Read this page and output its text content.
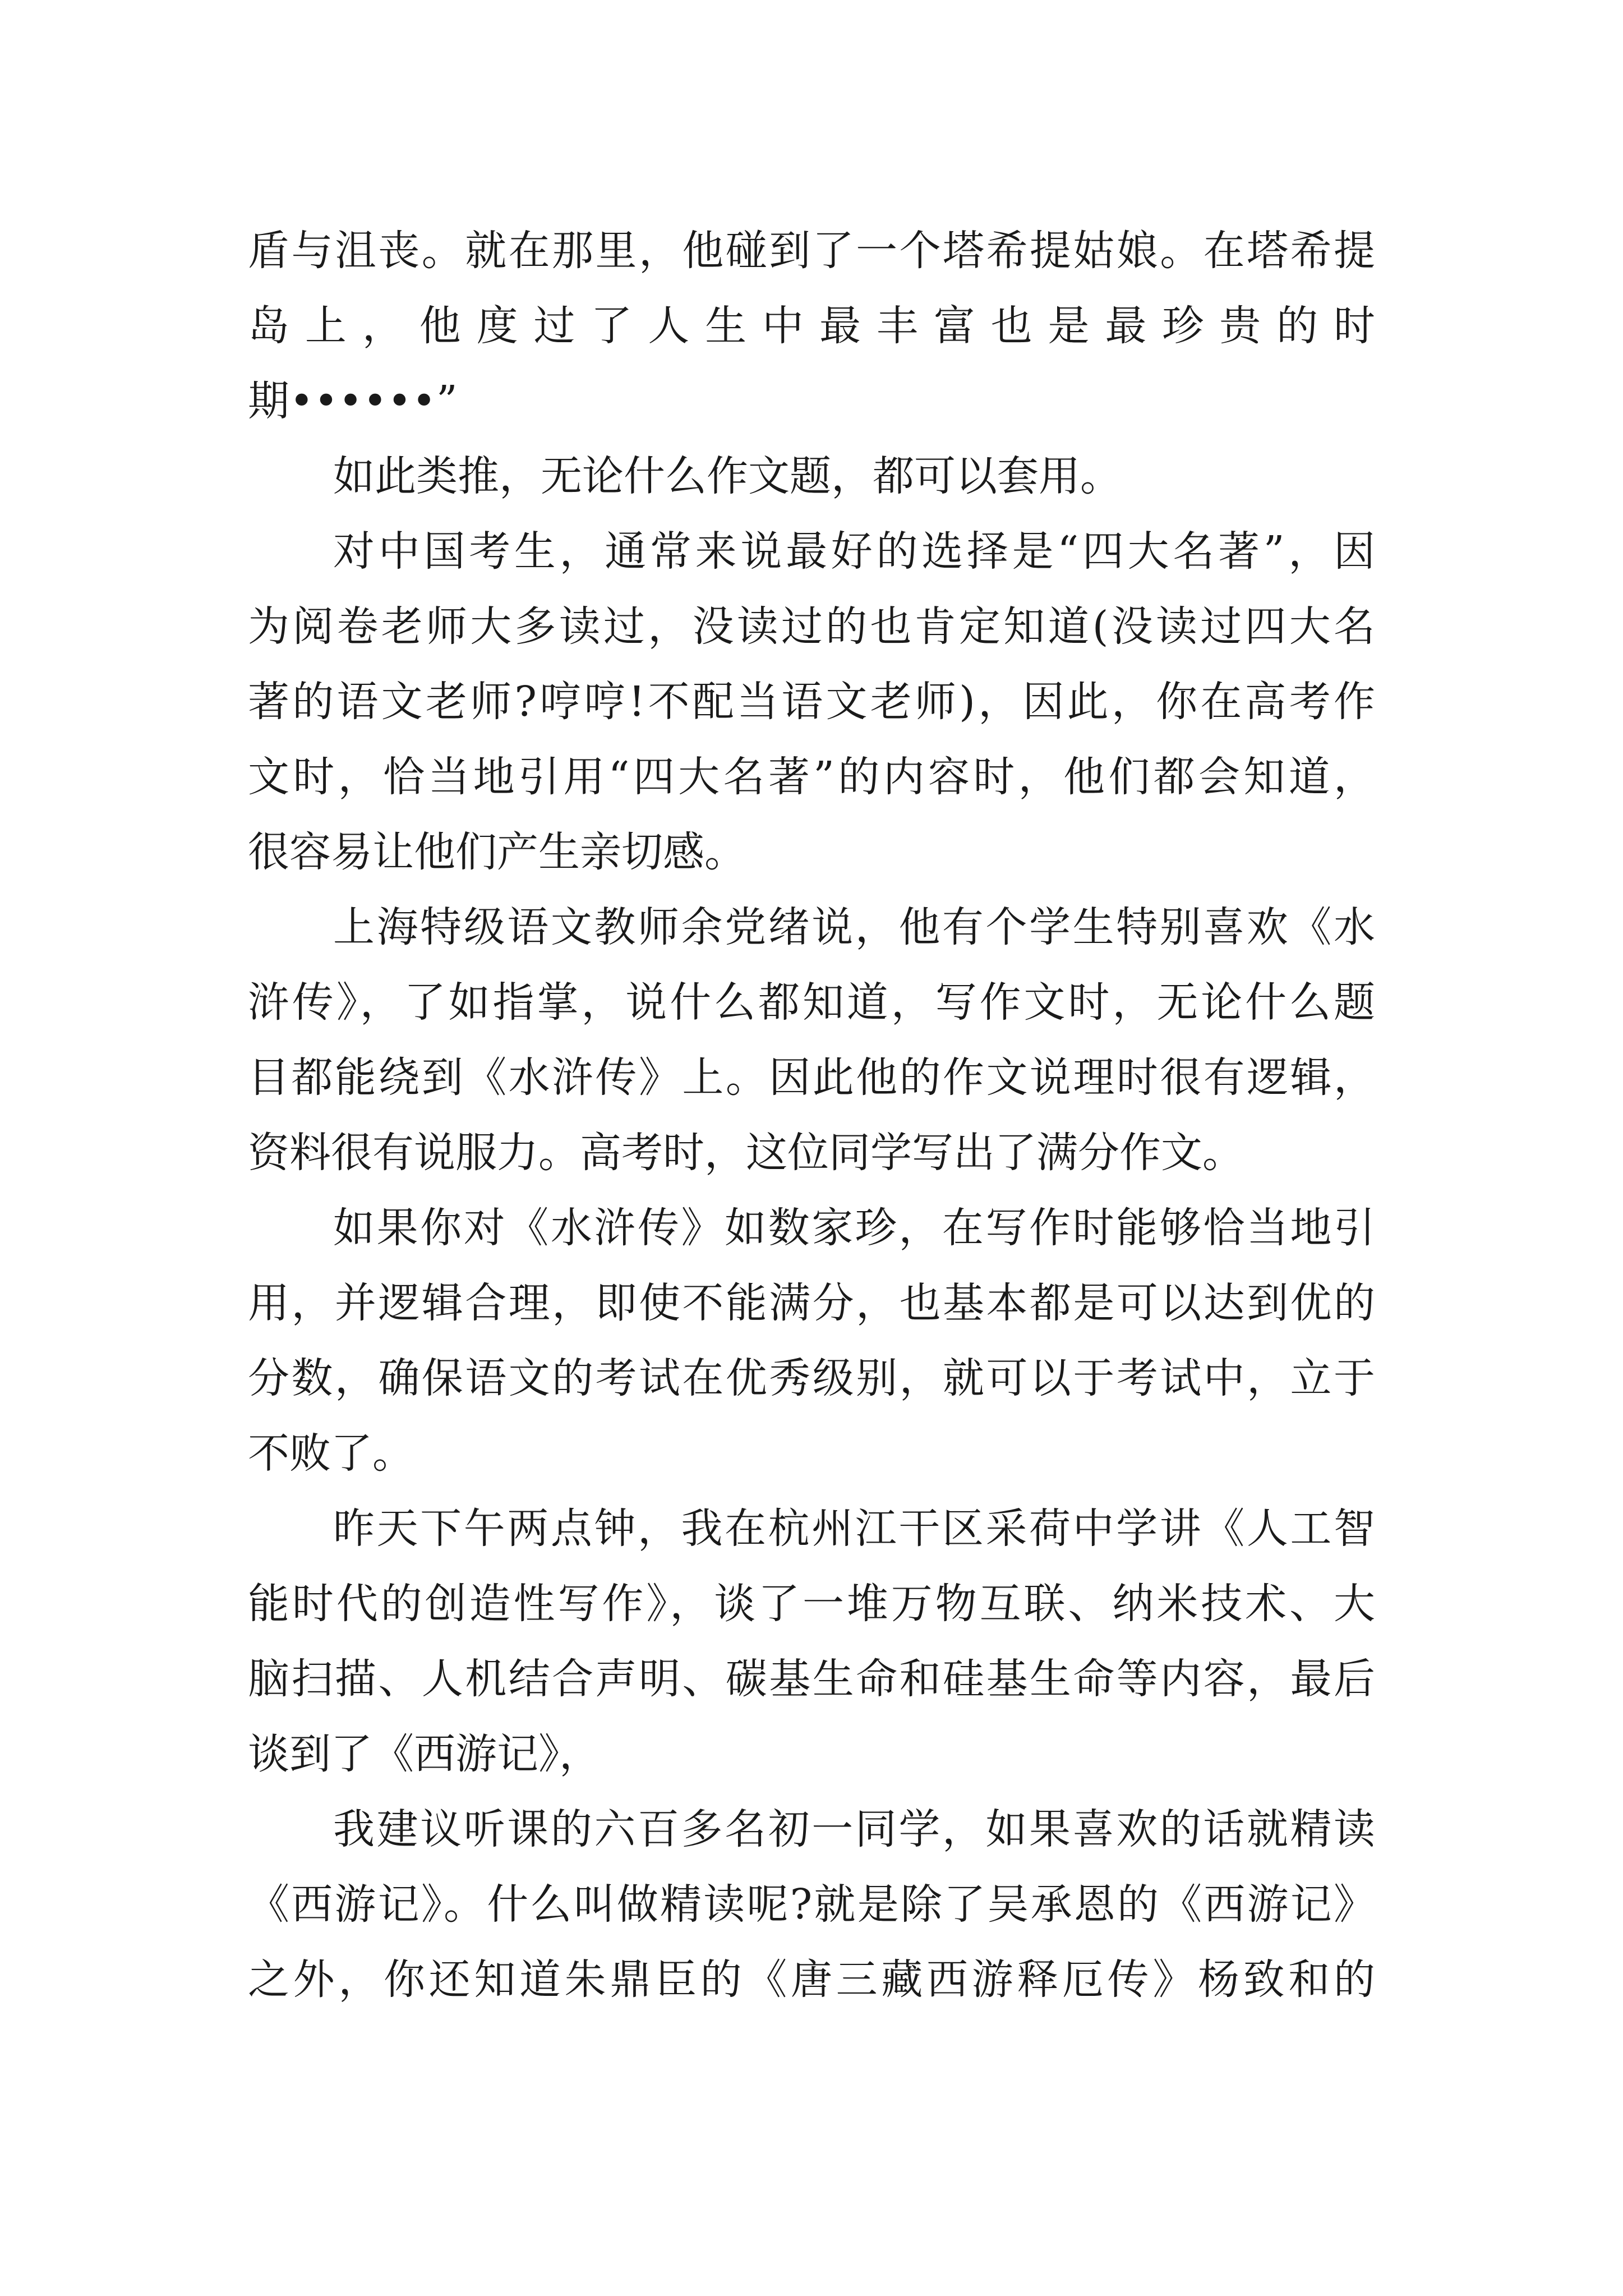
盾与沮丧。就在那里，他碰到了一个塔希提姑娘。在塔希提
岛上，他度过了人生中最丰富也是最珍贵的时
期••••••”
如此类推，无论什么作文题，都可以套用。
对中国考生，通常来说最好的选择是“四大名著”，因
为阅卷老师大多读过，没读过的也肯定知道(没读过四大名
著的语文老师?哼哼!不配当语文老师)，因此，你在高考作
文时，恰当地引用“四大名著”的内容时，他们都会知道，
很容易让他们产生亲切感。
上海特级语文教师余党绪说，他有个学生特别喜欢《水
浒传》，了如指掌，说什么都知道，写作文时，无论什么题
目都能绕到《水浒传》上。因此他的作文说理时很有逻辑，
资料很有说服力。高考时，这位同学写出了满分作文。
如果你对《水浒传》如数家珍，在写作时能够恰当地引
用，并逻辑合理，即使不能满分，也基本都是可以达到优的
分数，确保语文的考试在优秀级别，就可以于考试中，立于
不败了。
昨天下午两点钟，我在杭州江干区采荷中学讲《人工智
能时代的创造性写作》，谈了一堆万物互联、纳米技术、大
脑扫描、人机结合声明、碳基生命和硅基生命等内容，最后
谈到了《西游记》，
我建议听课的六百多名初一同学，如果喜欢的话就精读
《西游记》。什么叫做精读呢?就是除了吴承恩的《西游记》
之外，你还知道朱鼎臣的《唐三藏西游释厄传》杨致和的
